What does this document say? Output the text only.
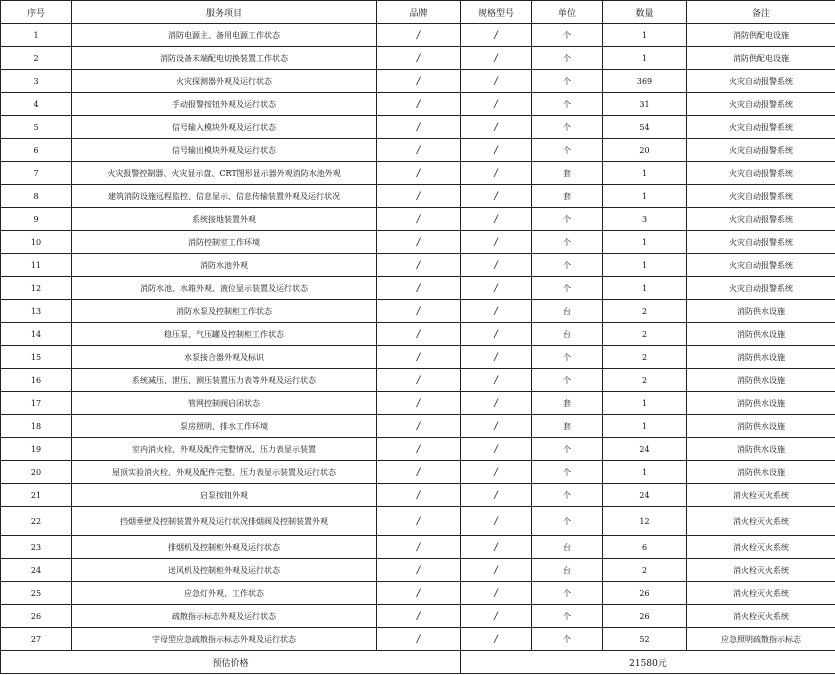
序号	服务项目	品牌	规格型号	单位	数量	备注
1	消防电源主、备用电源工作状态	/	/	个	1	消防供配电设施
2	消防设备末端配电切换装置工作状态	/	/	个	1	消防供配电设施
3	火灾探测器外观及运行状态	/	/	个	369	火灾自动报警系统
4	手动报警按钮外观及运行状态	/	/	个	31	火灾自动报警系统
5	信号输入模块外观及运行状态	/	/	个	54	火灾自动报警系统
6	信号输出模块外观及运行状态	/	/	个	20	火灾自动报警系统
7	火灾报警控制器、火灾显示盘、CRT图形显示器外观消防水池外观	/	/	套	1	火灾自动报警系统
8	建筑消防设施远程监控、信息显示、信息传输装置外观及运行状况	/	/	套	1	火灾自动报警系统
9	系统接地装置外观	/	/	个	3	火灾自动报警系统
10	消防控制室工作环境	/	/	个	1	火灾自动报警系统
11	消防水池外观	/	/	个	1	火灾自动报警系统
12	消防水池、水箱外观、液位显示装置及运行状态	/	/	个	1	火灾自动报警系统
13	消防水泵及控制柜工作状态	/	/	台	2	消防供水设施
14	稳压泵、气压罐及控制柜工作状态	/	/	台	2	消防供水设施
15	水泵接合器外观及标识	/	/	个	2	消防供水设施
16	系统减压、泄压、测压装置压力表等外观及运行状态	/	/	个	2	消防供水设施
17	管网控制阀启闭状态	/	/	套	1	消防供水设施
18	泵房照明、排水工作环境	/	/	套	1	消防供水设施
19	室内消火栓、外观及配件完整情况、压力表显示装置	/	/	个	24	消防供水设施
20	屋顶实验消火栓、外观及配件完整、压力表显示装置及运行状态	/	/	个	1	消防供水设施
21	启泵按钮外观	/	/	个	24	消火栓灭火系统
22	挡烟垂壁及控制装置外观及运行状况排烟阀及控制装置外观	/	/	个	12	消火栓灭火系统
23	排烟机及控制柜外观及运行状态	/	/	台	6	消火栓灭火系统
24	送风机及控制柜外观及运行状态	/	/	台	2	消火栓灭火系统
25	应急灯外观、工作状态	/	/	个	26	消火栓灭火系统
26	疏散指示标志外观及运行状态	/	/	个	26	消火栓灭火系统
27	字母型应急疏散指示标志外观及运行状态	/	/	个	52	应急照明疏散指示标志
预估价格			21580元			
